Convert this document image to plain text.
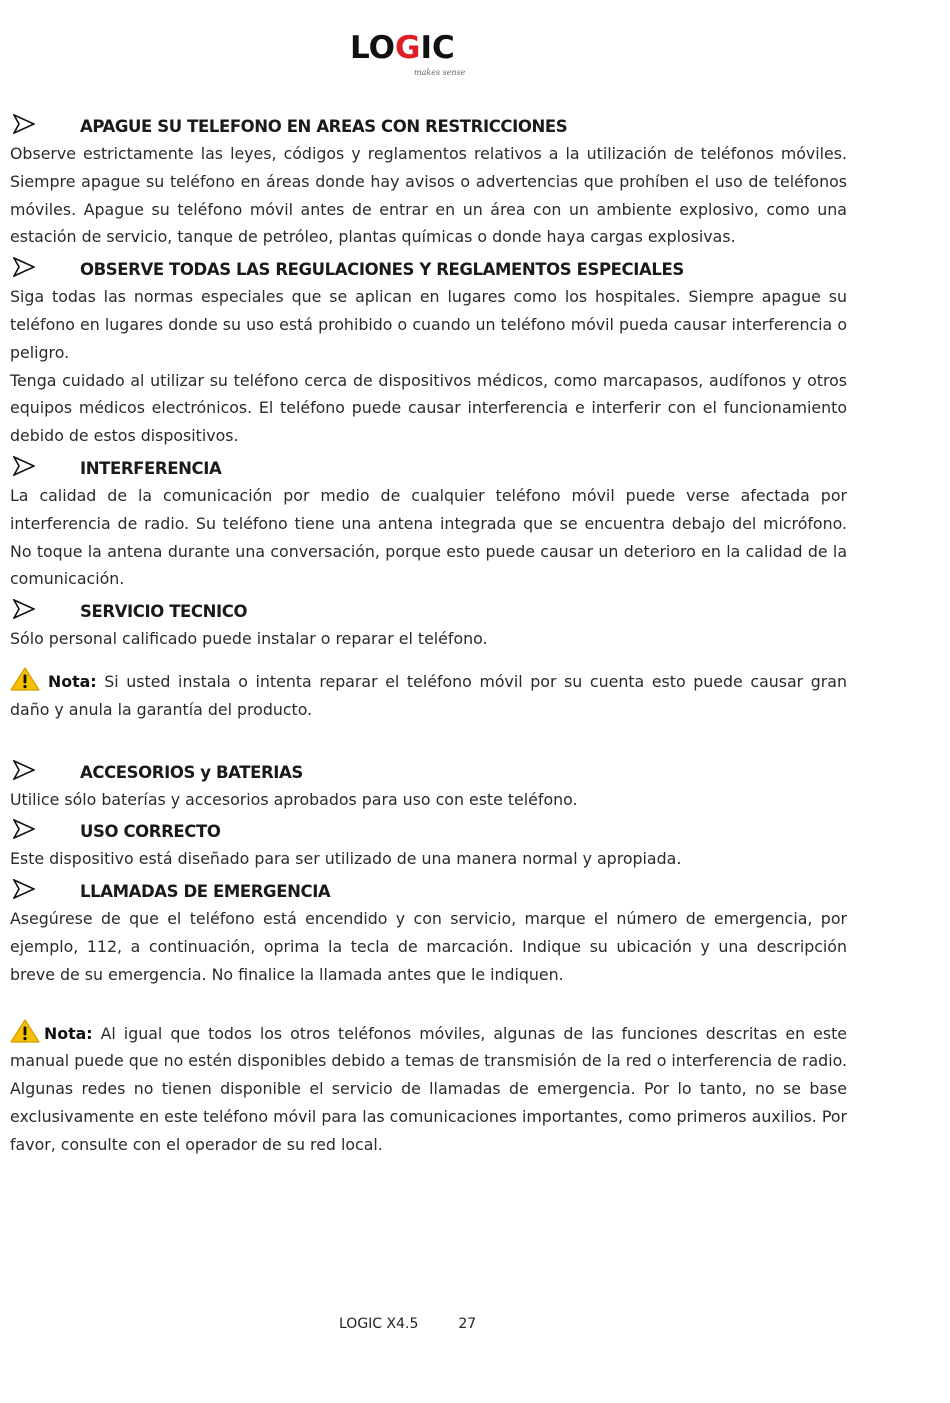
LOGIC
makes sense
APAGUE SU TELEFONO EN AREAS CON RESTRICCIONES

Observe estrictamente las leyes, códigos y reglamentos relativos a la utilización de teléfonos móviles. Siempre apague su teléfono en áreas donde hay avisos o advertencias que prohíben el uso de teléfonos móviles. Apague su teléfono móvil antes de entrar en un área con un ambiente explosivo, como una estación de servicio, tanque de petróleo, plantas químicas o donde haya cargas explosivas.

OBSERVE TODAS LAS REGULACIONES Y REGLAMENTOS ESPECIALES

Siga todas las normas especiales que se aplican en lugares como los hospitales. Siempre apague su teléfono en lugares donde su uso está prohibido o cuando un teléfono móvil pueda causar interferencia o peligro.

Tenga cuidado al utilizar su teléfono cerca de dispositivos médicos, como marcapasos, audífonos y otros equipos médicos electrónicos. El teléfono puede causar interferencia e interferir con el funcionamiento debido de estos dispositivos.

INTERFERENCIA

La calidad de la comunicación por medio de cualquier teléfono móvil puede verse afectada por interferencia de radio. Su teléfono tiene una antena integrada que se encuentra debajo del micrófono. No toque la antena durante una conversación, porque esto puede causar un deterioro en la calidad de la comunicación.

SERVICIO TECNICO

Sólo personal calificado puede instalar o reparar el teléfono.

Nota: Si usted instala o intenta reparar el teléfono móvil por su cuenta esto puede causar gran daño y anula la garantía del producto.

ACCESORIOS y BATERIAS

Utilice sólo baterías y accesorios aprobados para uso con este teléfono.

USO CORRECTO

Este dispositivo está diseñado para ser utilizado de una manera normal y apropiada.

LLAMADAS DE EMERGENCIA

Asegúrese de que el teléfono está encendido y con servicio, marque el número de emergencia, por ejemplo, 112, a continuación, oprima la tecla de marcación. Indique su ubicación y una descripción breve de su emergencia. No finalice la llamada antes que le indiquen.

Nota: Al igual que todos los otros teléfonos móviles, algunas de las funciones descritas en este manual puede que no estén disponibles debido a temas de transmisión de la red o interferencia de radio. Algunas redes no tienen disponible el servicio de llamadas de emergencia. Por lo tanto, no se base exclusivamente en este teléfono móvil para las comunicaciones importantes, como primeros auxilios. Por favor, consulte con el operador de su red local.

LOGIC X4.5	27
